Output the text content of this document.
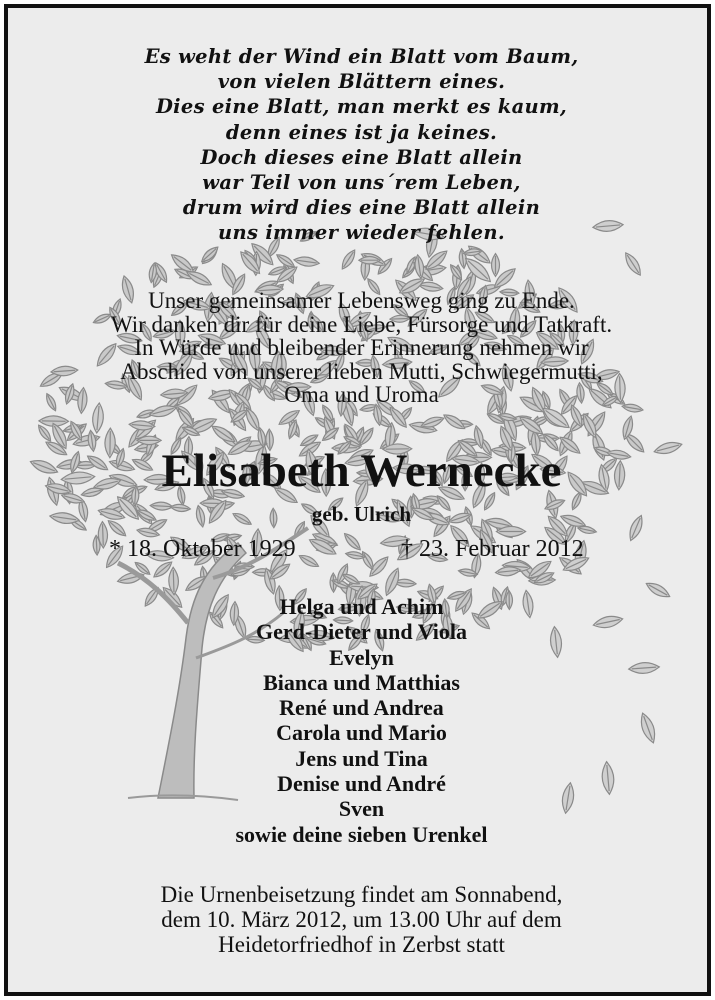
Es weht der Wind ein Blatt vom Baum,
von vielen Blättern eines.
Dies eine Blatt, man merkt es kaum,
denn eines ist ja keines.
Doch dieses eine Blatt allein
war Teil von uns´rem Leben,
drum wird dies eine Blatt allein
uns immer wieder fehlen.
Unser gemeinsamer Lebensweg ging zu Ende.
Wir danken dir für deine Liebe, Fürsorge und Tatkraft.
In Würde und bleibender Erinnerung nehmen wir
Abschied von unserer lieben Mutti, Schwiegermutti,
Oma und Uroma
Elisabeth Wernecke
geb. Ulrich
* 18. Oktober 1929	† 23. Februar 2012
Helga und Achim
Gerd-Dieter und Viola
Evelyn
Bianca und Matthias
René und Andrea
Carola und Mario
Jens und Tina
Denise und André
Sven
sowie deine sieben Urenkel
Die Urnenbeisetzung findet am Sonnabend,
dem 10. März 2012, um 13.00 Uhr auf dem
Heidetorfriedhof in Zerbst statt
